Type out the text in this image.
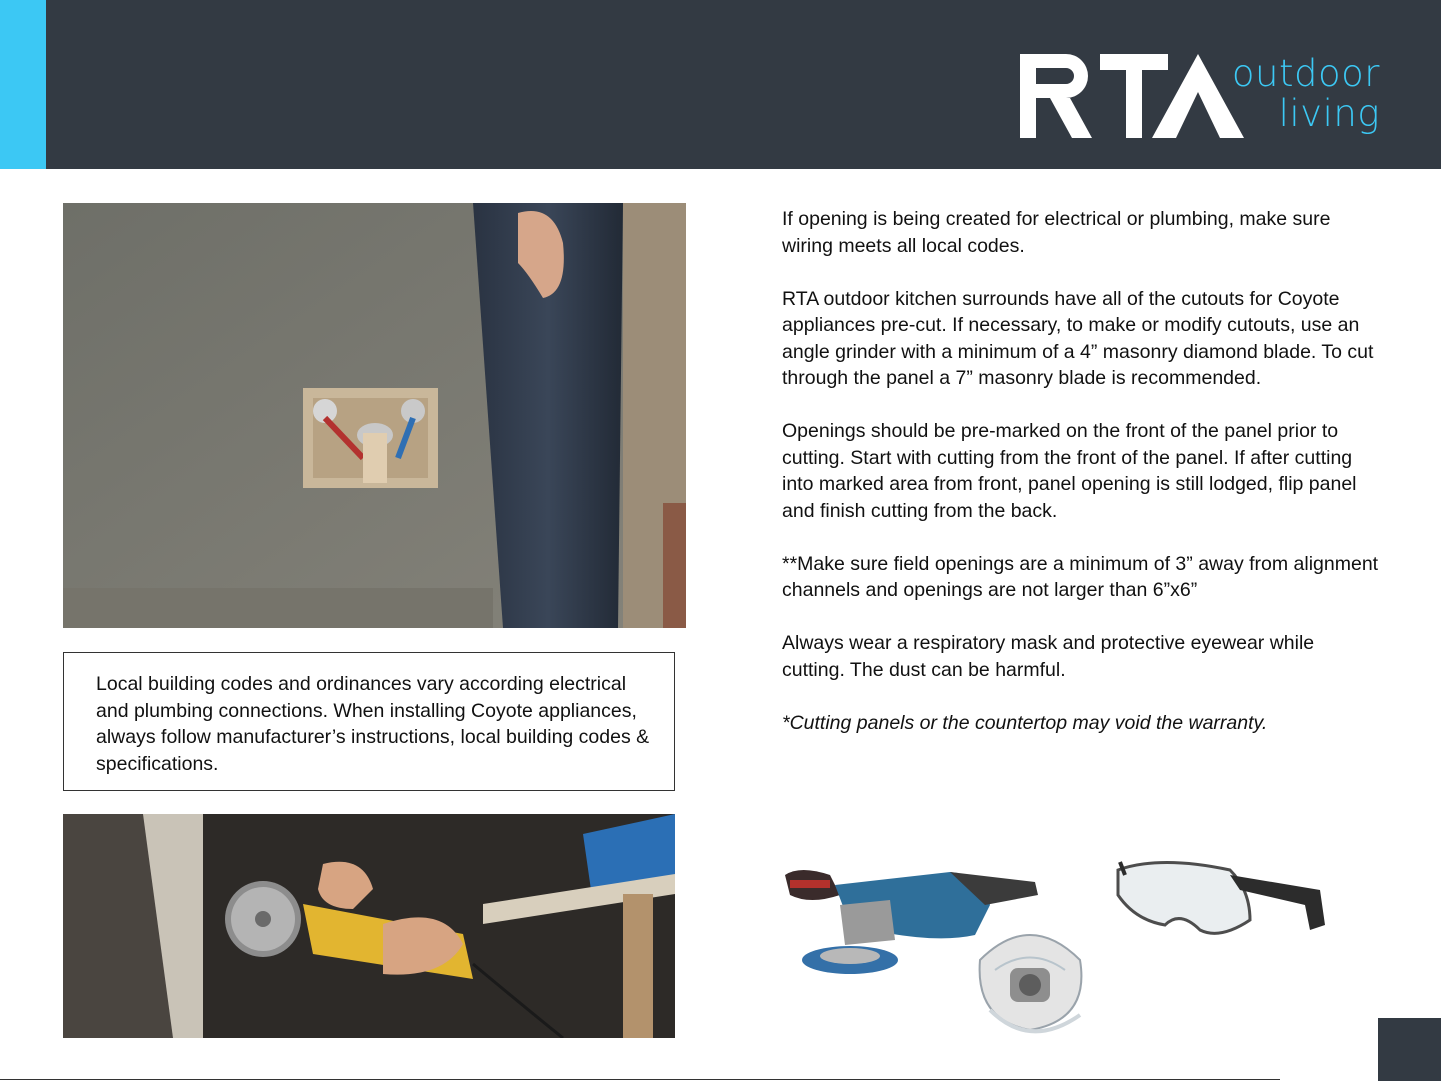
outdoor
living
Local building codes and ordinances vary according electrical and plumbing connections. When installing Coyote appliances, always follow manufacturer’s instructions, local building codes & specifications.

If opening is being created for electrical or plumbing, make sure wiring meets all local codes.

RTA outdoor kitchen surrounds have all of the cutouts for Coyote appliances pre-cut. If necessary, to make or modify cutouts, use an angle grinder with a minimum of a 4” masonry diamond blade. To cut through the panel a 7” masonry blade is recommended.

Openings should be pre-marked on the front of the panel prior to cutting. Start with cutting from the front of the panel. If after cutting into marked area from front, panel opening is still lodged, flip panel and finish cutting from the back.

**Make sure field openings are a minimum of 3” away from alignment channels and openings are not larger than 6”x6”

Always wear a respiratory mask and protective eyewear while cutting. The dust can be harmful.

*Cutting panels or the countertop may void the warranty.
